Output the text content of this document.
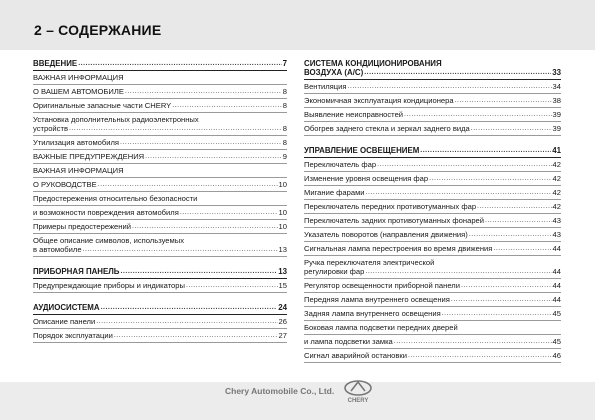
2 – СОДЕРЖАНИЕ
ВВЕДЕНИЕ .....	7
ВАЖНАЯ ИНФОРМАЦИЯ
О ВАШЕМ АВТОМОБИЛЕ .....	8
Оригинальные запасные части CHERY .....	8
Установка дополнительных радиоэлектронных
устройств .....	8
Утилизация автомобиля .....	8
ВАЖНЫЕ ПРЕДУПРЕЖДЕНИЯ .....	9
ВАЖНАЯ ИНФОРМАЦИЯ
О РУКОВОДСТВЕ .....	10
Предостережения относительно безопасности
и возможности повреждения автомобиля .....	10
Примеры предостережений .....	10
Общее описание символов, используемых
в автомобиле .....	13
ПРИБОРНАЯ ПАНЕЛЬ .....	13
Предупреждающие приборы и индикаторы .....	15
АУДИОСИСТЕМА .....	24
Описание панели .....	26
Порядок эксплуатации .....	27
СИСТЕМА КОНДИЦИОНИРОВАНИЯ
ВОЗДУХА (A/C) .....	33
Вентиляция .....	34
Экономичная эксплуатация кондиционера .....	38
Выявление неисправностей .....	39
Обогрев заднего стекла и зеркал заднего вида .....	39
УПРАВЛЕНИЕ ОСВЕЩЕНИЕМ .....	41
Переключатель фар .....	42
Изменение уровня освещения фар .....	42
Мигание фарами .....	42
Переключатель передних противотуманных фар .....	42
Переключатель задних противотуманных фонарей .....	43
Указатель поворотов (направления движения) .....	43
Сигнальная лампа перестроения во время движения .....	44
Ручка переключателя электрической
регулировки фар .....	44
Регулятор освещенности приборной панели .....	44
Передняя лампа внутреннего освещения .....	44
Задняя лампа внутреннего освещения .....	45
Боковая лампа подсветки передних дверей
и лампа подсветки замка .....	45
Сигнал аварийной остановки .....	46
Chery Automobile Co., Ltd.
CHERY
